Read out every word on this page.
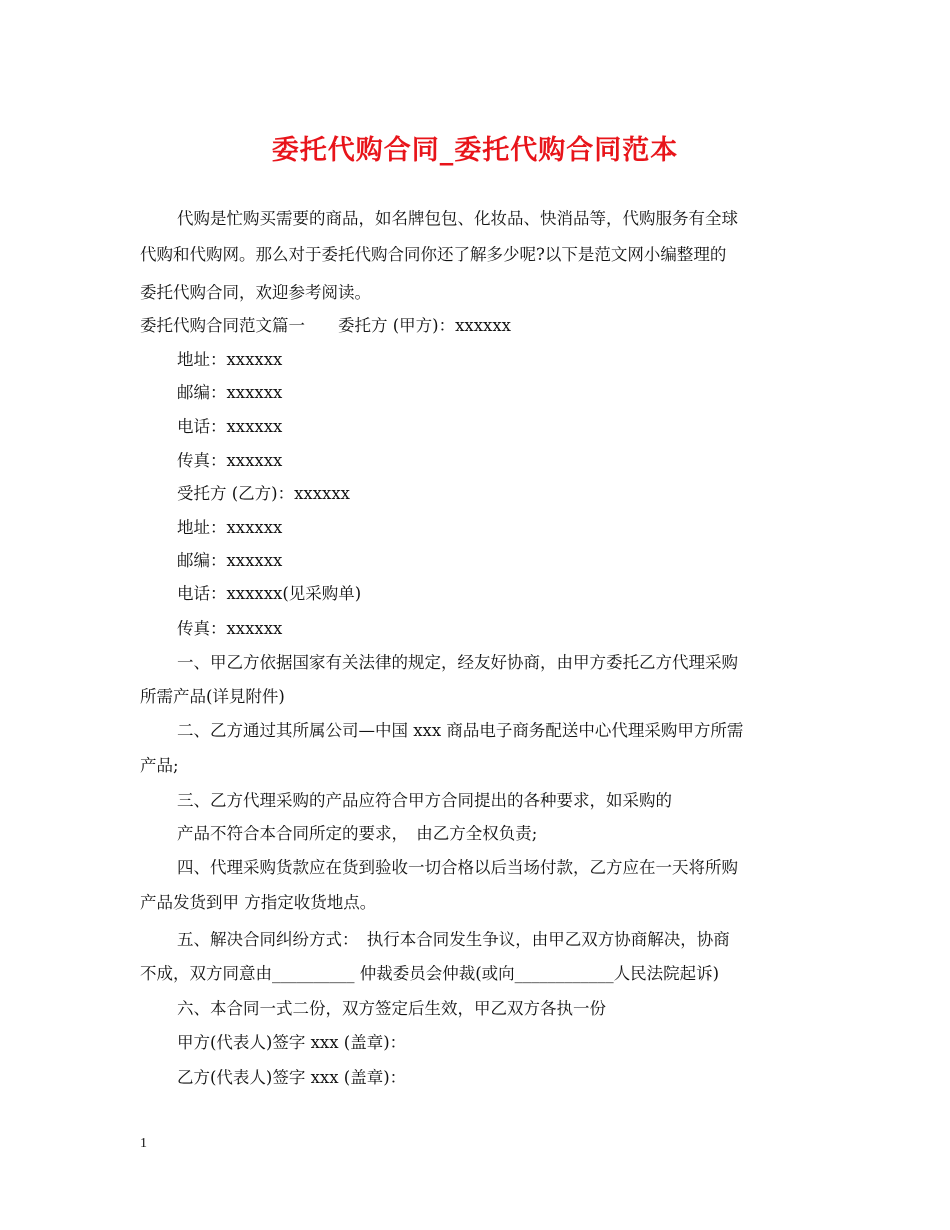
委托代购合同_委托代购合同范本
代购是忙购买需要的商品，如名牌包包、化妆品、快消品等，代购服务有全球
代购和代购网。那么对于委托代购合同你还了解多少呢?以下是范文网小编整理的
委托代购合同，欢迎参考阅读。
委托代购合同范文篇一　　委托方 (甲方)：xxxxxx
地址：xxxxxx
邮编：xxxxxx
电话：xxxxxx
传真：xxxxxx
受托方 (乙方)：xxxxxx
地址：xxxxxx
邮编：xxxxxx
电话：xxxxxx(见采购单)
传真：xxxxxx
一、甲乙方依据国家有关法律的规定，经友好协商，由甲方委托乙方代理采购
所需产品(详見附件)
二、乙方通过其所属公司—中国 xxx 商品电子商务配送中心代理采购甲方所需
产品;
三、乙方代理采购的产品应符合甲方合同提出的各种要求，如采购的
产品不符合本合同所定的要求，　由乙方全权负责;
四、代理采购货款应在货到验收一切合格以后当场付款，乙方应在一天将所购
产品发货到甲 方指定收货地点。
五、解决合同纠纷方式：　执行本合同发生争议，由甲乙双方协商解决，协商
不成，双方同意由__________ 仲裁委员会仲裁(或向____________人民法院起诉)
六、本合同一式二份，双方签定后生效，甲乙双方各执一份
甲方(代表人)签字 xxx (盖章)：
乙方(代表人)签字 xxx (盖章)：
1
